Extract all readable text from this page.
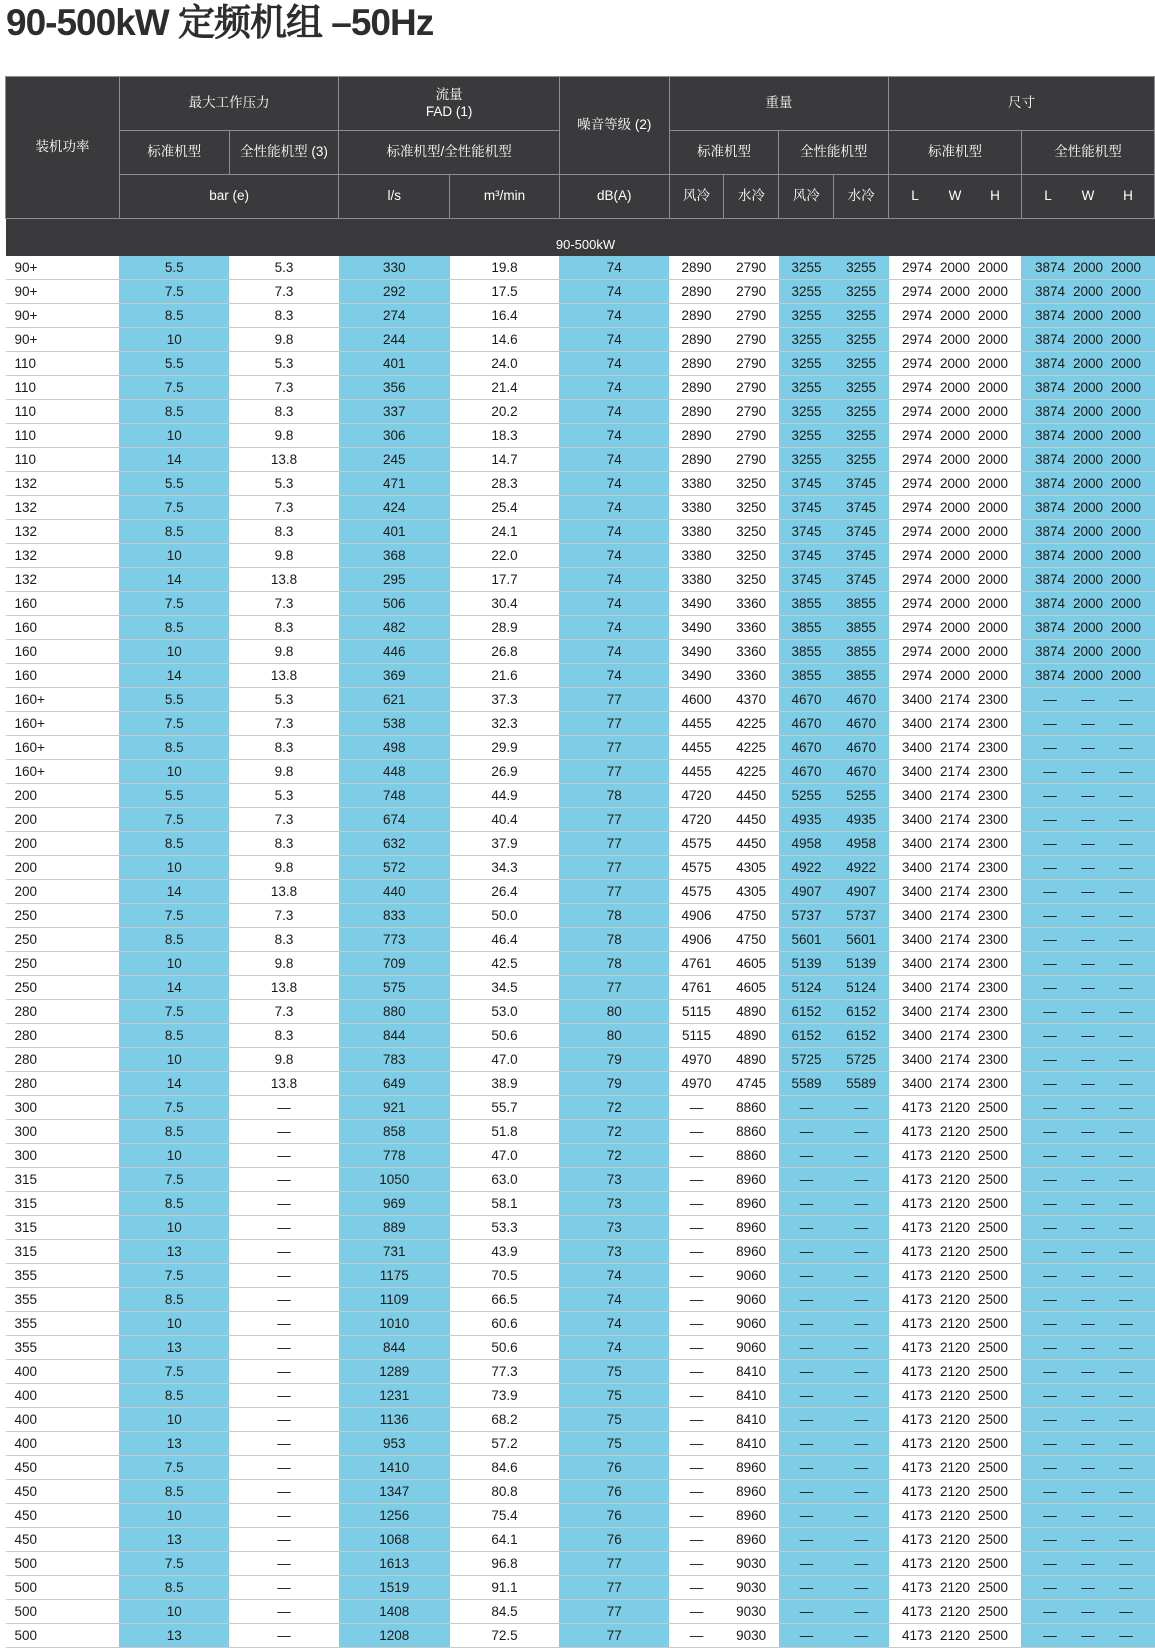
90-500kW 定频机组 –50Hz
装机功率	最大工作压力		流量
FAD (1)		噪音等级 (2)	重量				尺寸	
	标准机型	全性能机型 (3)	标准机型/全性能机型			标准机型		全性能机型		标准机型	全性能机型
	bar (e)		l/s	m³/min	dB(A)	风冷	水冷	风冷	水冷	L W H	L W H
90-500kW											
90+	5.5	5.3	330	19.8	74	2890	2790	3255	3255	2974 2000 2000	3874 2000 2000
90+	7.5	7.3	292	17.5	74	2890	2790	3255	3255	2974 2000 2000	3874 2000 2000
90+	8.5	8.3	274	16.4	74	2890	2790	3255	3255	2974 2000 2000	3874 2000 2000
90+	10	9.8	244	14.6	74	2890	2790	3255	3255	2974 2000 2000	3874 2000 2000
110	5.5	5.3	401	24.0	74	2890	2790	3255	3255	2974 2000 2000	3874 2000 2000
110	7.5	7.3	356	21.4	74	2890	2790	3255	3255	2974 2000 2000	3874 2000 2000
110	8.5	8.3	337	20.2	74	2890	2790	3255	3255	2974 2000 2000	3874 2000 2000
110	10	9.8	306	18.3	74	2890	2790	3255	3255	2974 2000 2000	3874 2000 2000
110	14	13.8	245	14.7	74	2890	2790	3255	3255	2974 2000 2000	3874 2000 2000
132	5.5	5.3	471	28.3	74	3380	3250	3745	3745	2974 2000 2000	3874 2000 2000
132	7.5	7.3	424	25.4	74	3380	3250	3745	3745	2974 2000 2000	3874 2000 2000
132	8.5	8.3	401	24.1	74	3380	3250	3745	3745	2974 2000 2000	3874 2000 2000
132	10	9.8	368	22.0	74	3380	3250	3745	3745	2974 2000 2000	3874 2000 2000
132	14	13.8	295	17.7	74	3380	3250	3745	3745	2974 2000 2000	3874 2000 2000
160	7.5	7.3	506	30.4	74	3490	3360	3855	3855	2974 2000 2000	3874 2000 2000
160	8.5	8.3	482	28.9	74	3490	3360	3855	3855	2974 2000 2000	3874 2000 2000
160	10	9.8	446	26.8	74	3490	3360	3855	3855	2974 2000 2000	3874 2000 2000
160	14	13.8	369	21.6	74	3490	3360	3855	3855	2974 2000 2000	3874 2000 2000
160+	5.5	5.3	621	37.3	77	4600	4370	4670	4670	3400 2174 2300	— — —
160+	7.5	7.3	538	32.3	77	4455	4225	4670	4670	3400 2174 2300	— — —
160+	8.5	8.3	498	29.9	77	4455	4225	4670	4670	3400 2174 2300	— — —
160+	10	9.8	448	26.9	77	4455	4225	4670	4670	3400 2174 2300	— — —
200	5.5	5.3	748	44.9	78	4720	4450	5255	5255	3400 2174 2300	— — —
200	7.5	7.3	674	40.4	77	4720	4450	4935	4935	3400 2174 2300	— — —
200	8.5	8.3	632	37.9	77	4575	4450	4958	4958	3400 2174 2300	— — —
200	10	9.8	572	34.3	77	4575	4305	4922	4922	3400 2174 2300	— — —
200	14	13.8	440	26.4	77	4575	4305	4907	4907	3400 2174 2300	— — —
250	7.5	7.3	833	50.0	78	4906	4750	5737	5737	3400 2174 2300	— — —
250	8.5	8.3	773	46.4	78	4906	4750	5601	5601	3400 2174 2300	— — —
250	10	9.8	709	42.5	78	4761	4605	5139	5139	3400 2174 2300	— — —
250	14	13.8	575	34.5	77	4761	4605	5124	5124	3400 2174 2300	— — —
280	7.5	7.3	880	53.0	80	5115	4890	6152	6152	3400 2174 2300	— — —
280	8.5	8.3	844	50.6	80	5115	4890	6152	6152	3400 2174 2300	— — —
280	10	9.8	783	47.0	79	4970	4890	5725	5725	3400 2174 2300	— — —
280	14	13.8	649	38.9	79	4970	4745	5589	5589	3400 2174 2300	— — —
300	7.5	—	921	55.7	72	—	8860	—	—	4173 2120 2500	— — —
300	8.5	—	858	51.8	72	—	8860	—	—	4173 2120 2500	— — —
300	10	—	778	47.0	72	—	8860	—	—	4173 2120 2500	— — —
315	7.5	—	1050	63.0	73	—	8960	—	—	4173 2120 2500	— — —
315	8.5	—	969	58.1	73	—	8960	—	—	4173 2120 2500	— — —
315	10	—	889	53.3	73	—	8960	—	—	4173 2120 2500	— — —
315	13	—	731	43.9	73	—	8960	—	—	4173 2120 2500	— — —
355	7.5	—	1175	70.5	74	—	9060	—	—	4173 2120 2500	— — —
355	8.5	—	1109	66.5	74	—	9060	—	—	4173 2120 2500	— — —
355	10	—	1010	60.6	74	—	9060	—	—	4173 2120 2500	— — —
355	13	—	844	50.6	74	—	9060	—	—	4173 2120 2500	— — —
400	7.5	—	1289	77.3	75	—	8410	—	—	4173 2120 2500	— — —
400	8.5	—	1231	73.9	75	—	8410	—	—	4173 2120 2500	— — —
400	10	—	1136	68.2	75	—	8410	—	—	4173 2120 2500	— — —
400	13	—	953	57.2	75	—	8410	—	—	4173 2120 2500	— — —
450	7.5	—	1410	84.6	76	—	8960	—	—	4173 2120 2500	— — —
450	8.5	—	1347	80.8	76	—	8960	—	—	4173 2120 2500	— — —
450	10	—	1256	75.4	76	—	8960	—	—	4173 2120 2500	— — —
450	13	—	1068	64.1	76	—	8960	—	—	4173 2120 2500	— — —
500	7.5	—	1613	96.8	77	—	9030	—	—	4173 2120 2500	— — —
500	8.5	—	1519	91.1	77	—	9030	—	—	4173 2120 2500	— — —
500	10	—	1408	84.5	77	—	9030	—	—	4173 2120 2500	— — —
500	13	—	1208	72.5	77	—	9030	—	—	4173 2120 2500	— — —
